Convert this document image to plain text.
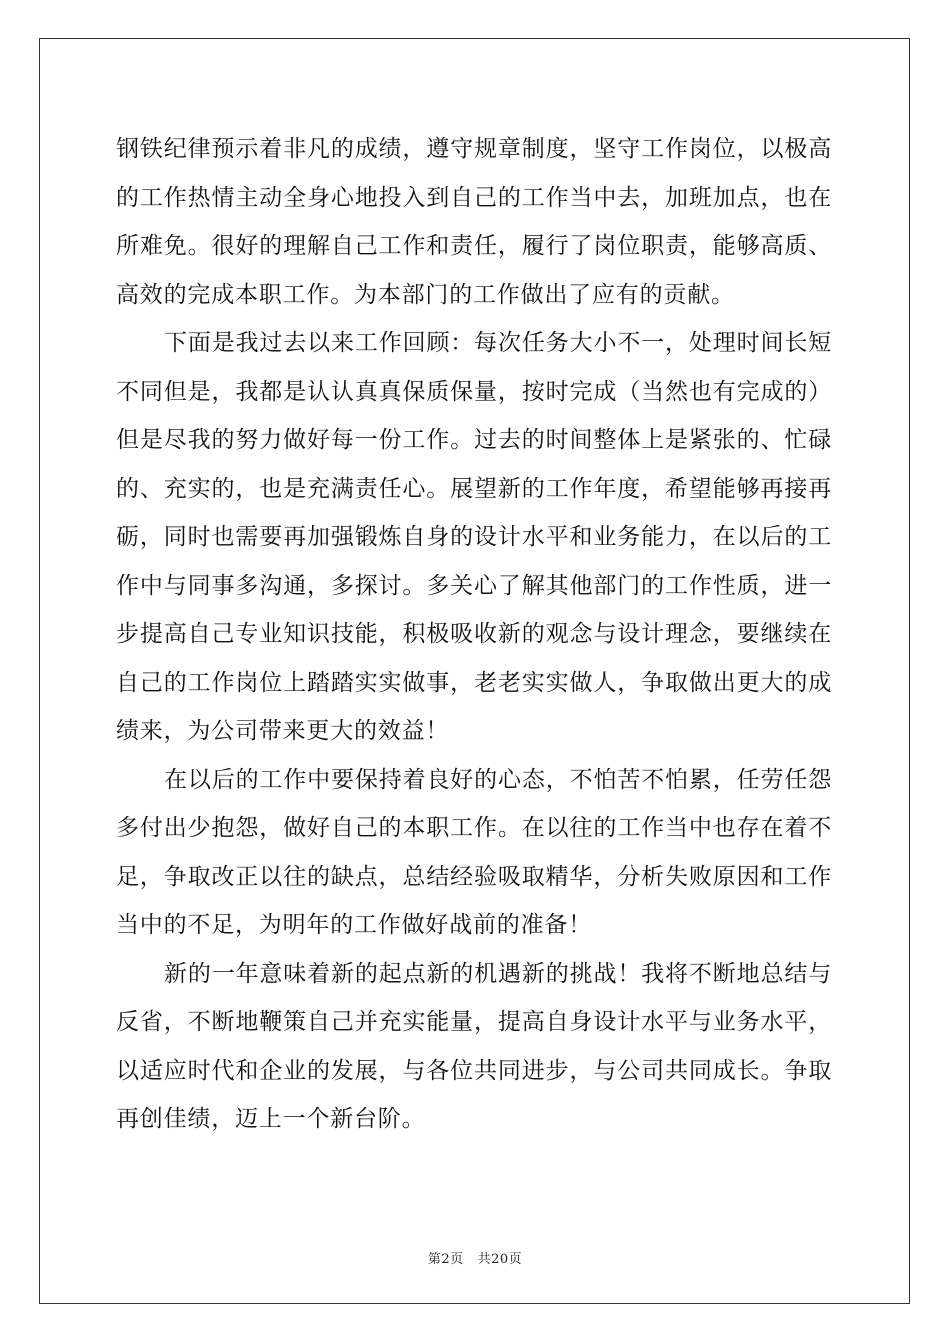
钢铁纪律预示着非凡的成绩，遵守规章制度，坚守工作岗位，以极高的工作热情主动全身心地投入到自己的工作当中去，加班加点，也在所难免。很好的理解自己工作和责任，履行了岗位职责，能够高质、高效的完成本职工作。为本部门的工作做出了应有的贡献。

下面是我过去以来工作回顾：每次任务大小不一，处理时间长短不同但是，我都是认认真真保质保量，按时完成（当然也有完成的）但是尽我的努力做好每一份工作。过去的时间整体上是紧张的、忙碌的、充实的，也是充满责任心。展望新的工作年度，希望能够再接再砺，同时也需要再加强锻炼自身的设计水平和业务能力，在以后的工作中与同事多沟通，多探讨。多关心了解其他部门的工作性质，进一步提高自己专业知识技能，积极吸收新的观念与设计理念，要继续在自己的工作岗位上踏踏实实做事，老老实实做人，争取做出更大的成绩来，为公司带来更大的效益！

在以后的工作中要保持着良好的心态，不怕苦不怕累，任劳任怨多付出少抱怨，做好自己的本职工作。在以往的工作当中也存在着不足，争取改正以往的缺点，总结经验吸取精华，分析失败原因和工作当中的不足，为明年的工作做好战前的准备！

新的一年意味着新的起点新的机遇新的挑战！我将不断地总结与反省，不断地鞭策自己并充实能量，提高自身设计水平与业务水平，以适应时代和企业的发展，与各位共同进步，与公司共同成长。争取再创佳绩，迈上一个新台阶。

第2页 共20页
